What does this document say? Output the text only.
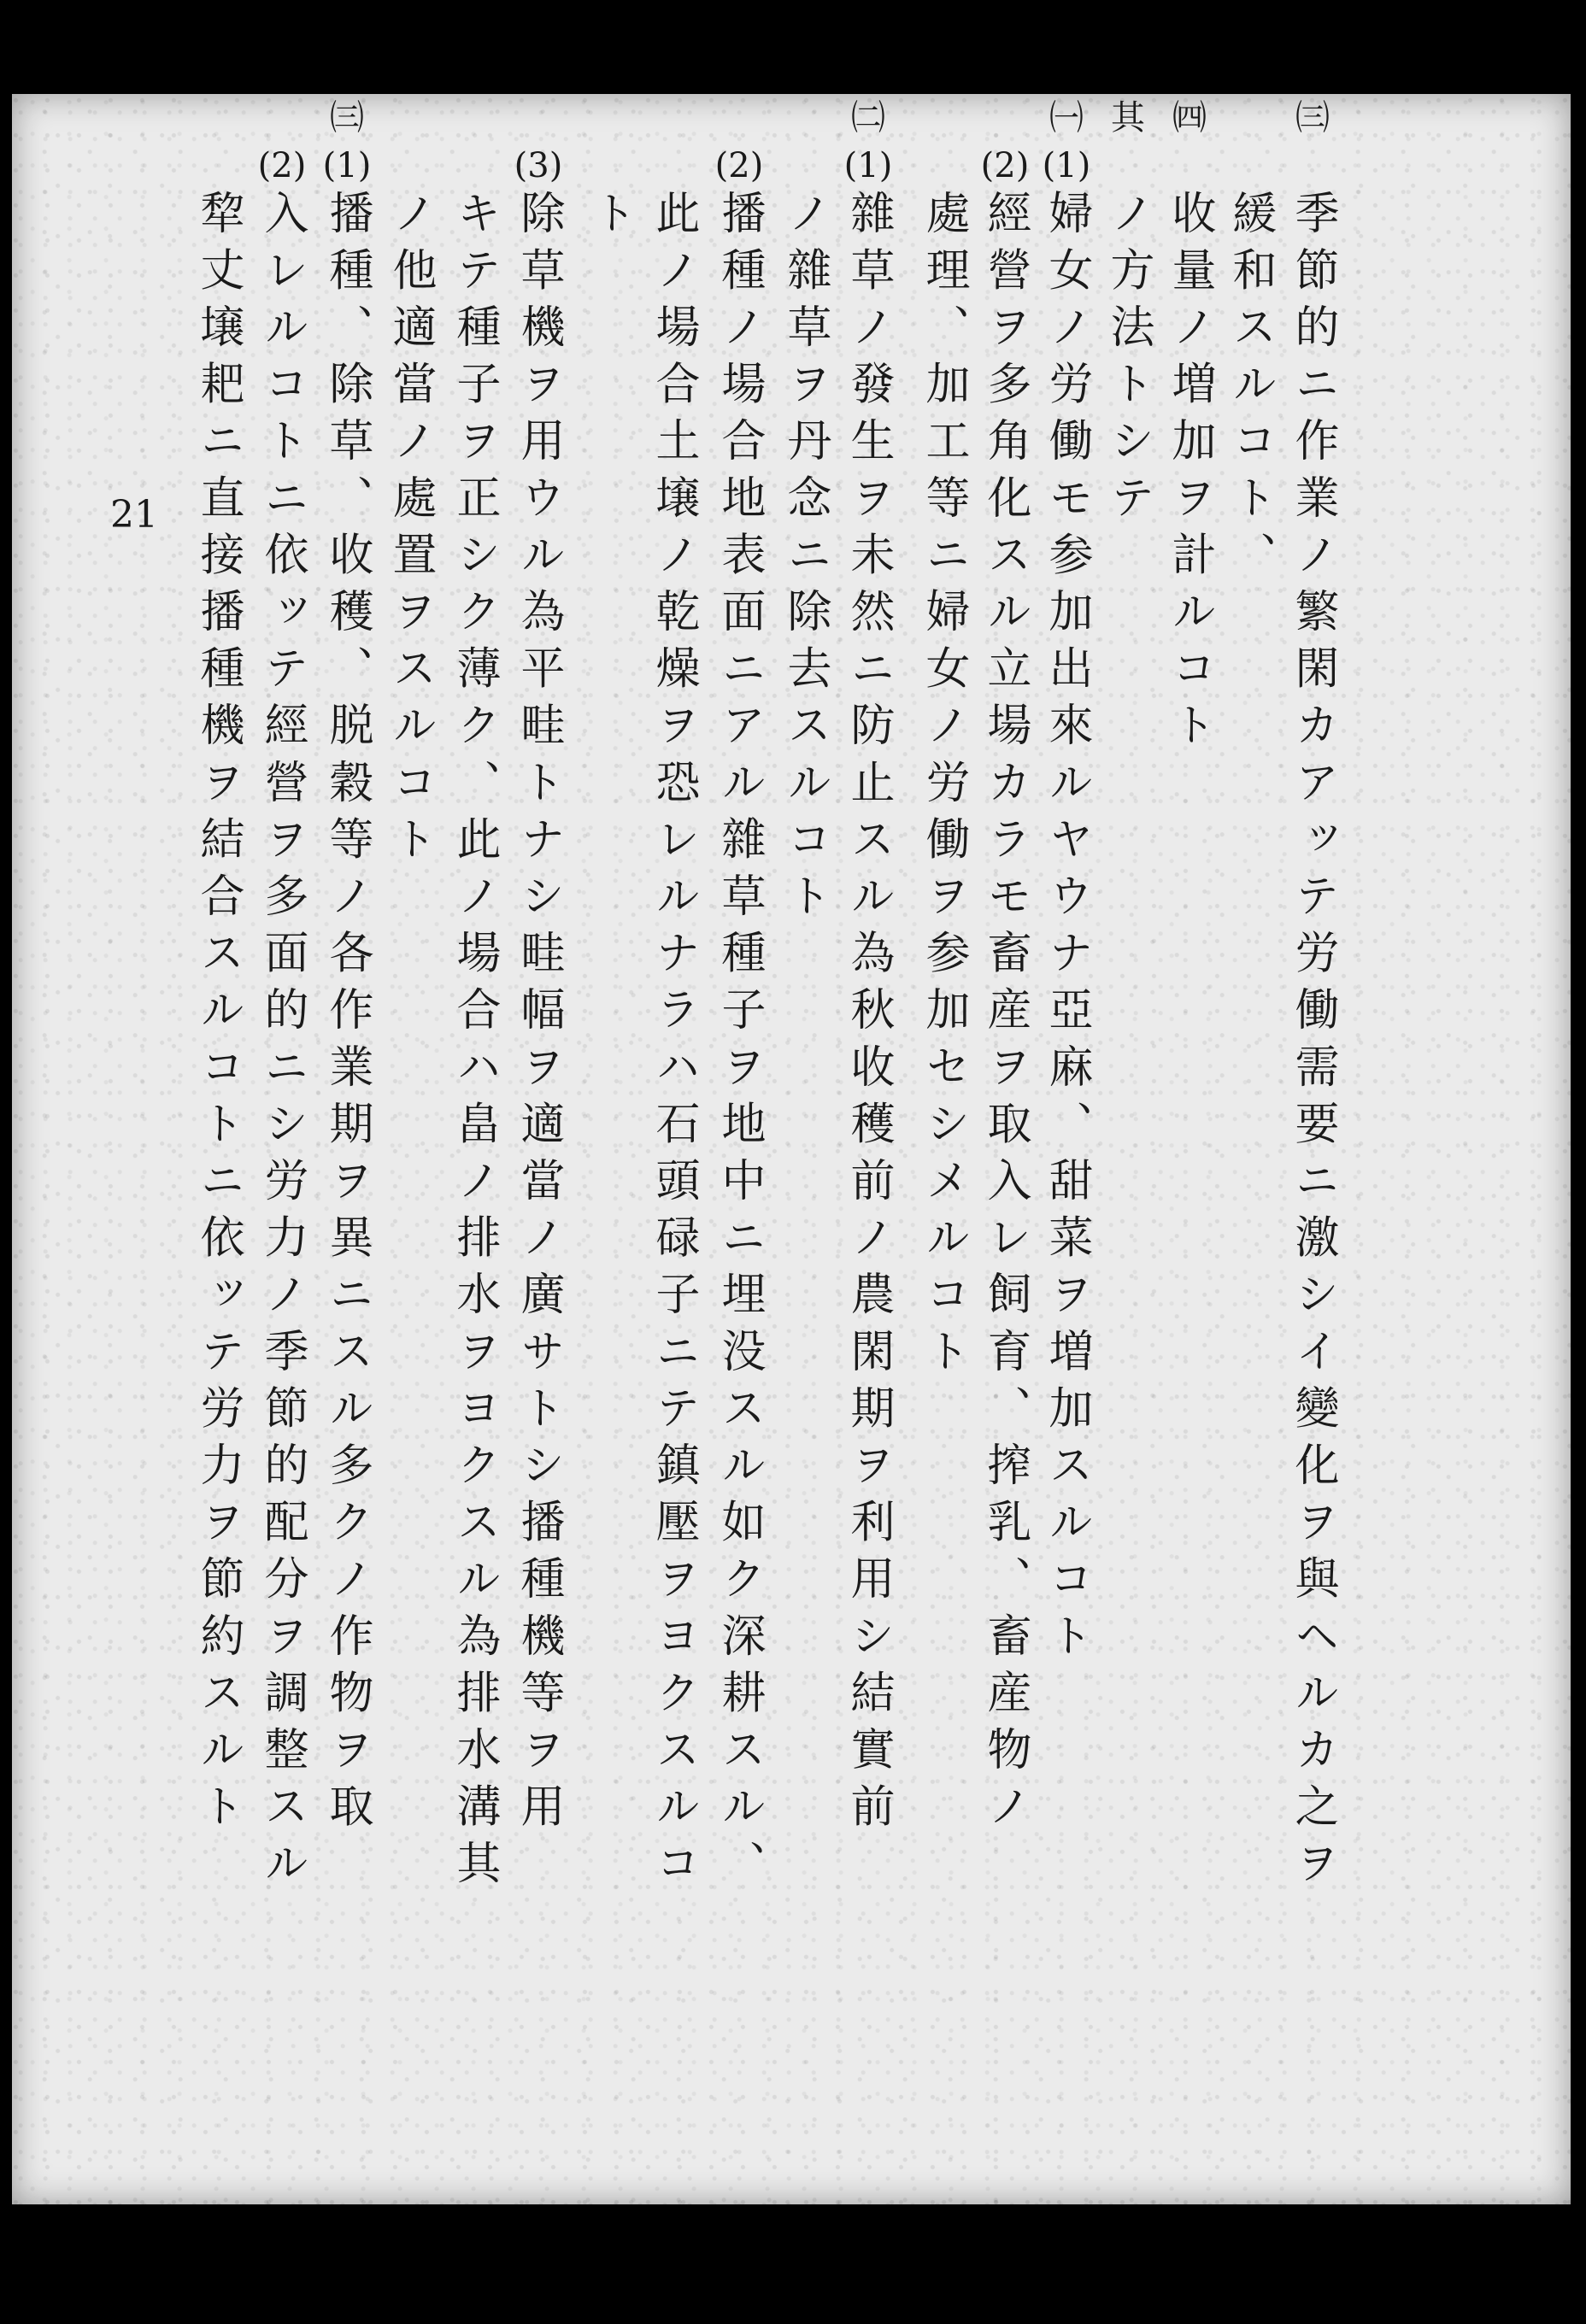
21
㈢
季節的ニ作業ノ繁閑カアッテ労働需要ニ激シイ變化ヲ與ヘルカ之ヲ
緩和スルコト、
㈣
收量ノ増加ヲ計ルコト
其
ノ方法トシテ
㈠
(1)
婦女ノ労働モ参加出來ルヤウナ亞麻、甜菜ヲ増加スルコト
(2)
經營ヲ多角化スル立場カラモ畜産ヲ取入レ飼育、搾乳、畜産物ノ
處理、加工等ニ婦女ノ労働ヲ参加セシメルコト
㈡
(1)
雜草ノ發生ヲ未然ニ防止スル為秋收穫前ノ農閑期ヲ利用シ結實前
ノ雜草ヲ丹念ニ除去スルコト
(2)
播種ノ場合地表面ニアル雜草種子ヲ地中ニ埋没スル如ク深耕スル、
此ノ場合土壌ノ乾燥ヲ恐レルナラハ石頭碌子ニテ鎮壓ヲヨクスルコ
ト
(3)
除草機ヲ用ウル為平畦トナシ畦幅ヲ適當ノ廣サトシ播種機等ヲ用
キテ種子ヲ正シク薄ク、此ノ場合ハ畠ノ排水ヲヨクスル為排水溝其
ノ他適當ノ處置ヲスルコト
㈢
(1)
播種、除草、收穫、脱穀等ノ各作業期ヲ異ニスル多クノ作物ヲ取
(2)
入レルコトニ依ッテ經營ヲ多面的ニシ労力ノ季節的配分ヲ調整スル
犂丈壌耙ニ直接播種機ヲ結合スルコトニ依ッテ労力ヲ節約スルト
